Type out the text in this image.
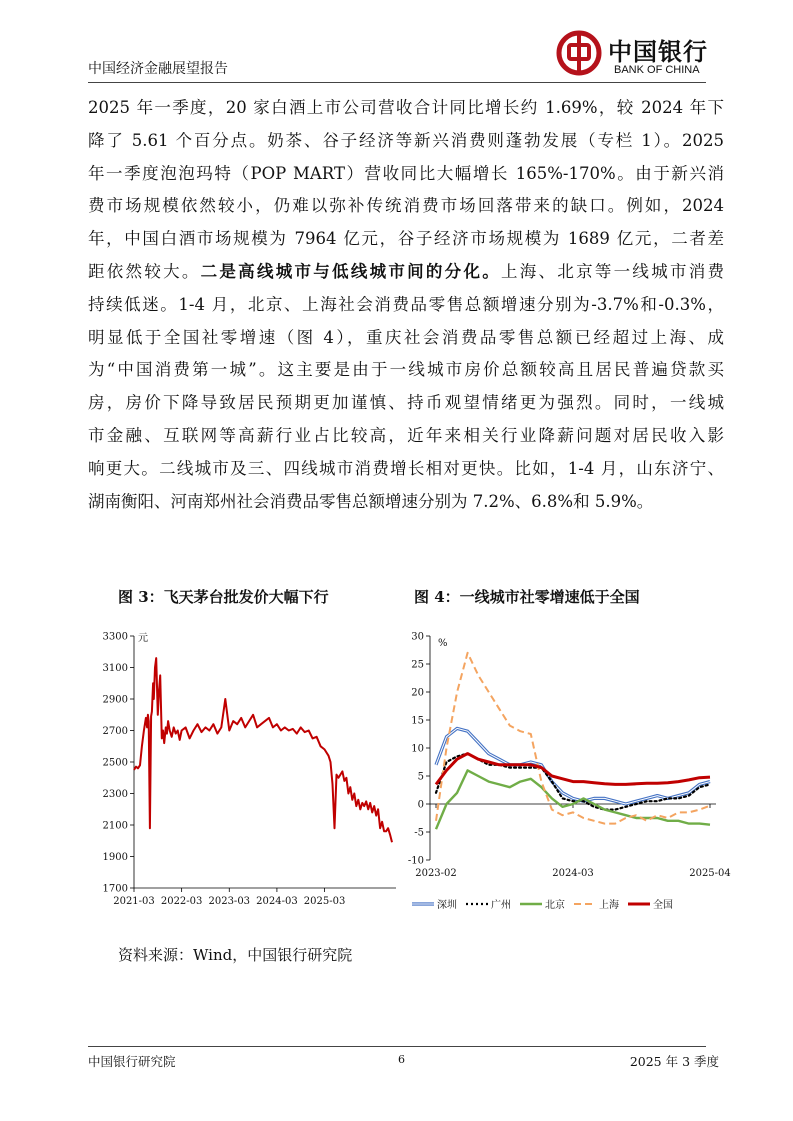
中国经济金融展望报告
中国银行
BANK OF CHINA
2025 年一季度，20 家白酒上市公司营收合计同比增长约 1.69%，较 2024 年下
降了 5.61 个百分点。奶茶、谷子经济等新兴消费则蓬勃发展（专栏 1）。2025
年一季度泡泡玛特（POP MART）营收同比大幅增长 165%-170%。由于新兴消
费市场规模依然较小，仍难以弥补传统消费市场回落带来的缺口。例如，2024
年，中国白酒市场规模为 7964 亿元，谷子经济市场规模为 1689 亿元，二者差
距依然较大。二是高线城市与低线城市间的分化。上海、北京等一线城市消费
持续低迷。1-4 月，北京、上海社会消费品零售总额增速分别为-3.7%和-0.3%，
明显低于全国社零增速（图 4），重庆社会消费品零售总额已经超过上海、成
为“中国消费第一城”。这主要是由于一线城市房价总额较高且居民普遍贷款买
房，房价下降导致居民预期更加谨慎、持币观望情绪更为强烈。同时，一线城
市金融、互联网等高薪行业占比较高，近年来相关行业降薪问题对居民收入影
响更大。二线城市及三、四线城市消费增长相对更快。比如，1-4 月，山东济宁、
湖南衡阳、河南郑州社会消费品零售总额增速分别为 7.2%、6.8%和 5.9%。
图 3：飞天茅台批发价大幅下行	图 4：一线城市社零增速低于全国
3300
3100
2900
2700
2500
2300
2100
1900
1700
元
2021-03 2022-03 2023-03 2024-03 2025-03
30
25
20
15
10
5
0
-5
-10
%
2023-02	2024-03	2025-04
深圳	广州	北京	上海	全国
资料来源：Wind，中国银行研究院
中国银行研究院	6	2025 年 3 季度
